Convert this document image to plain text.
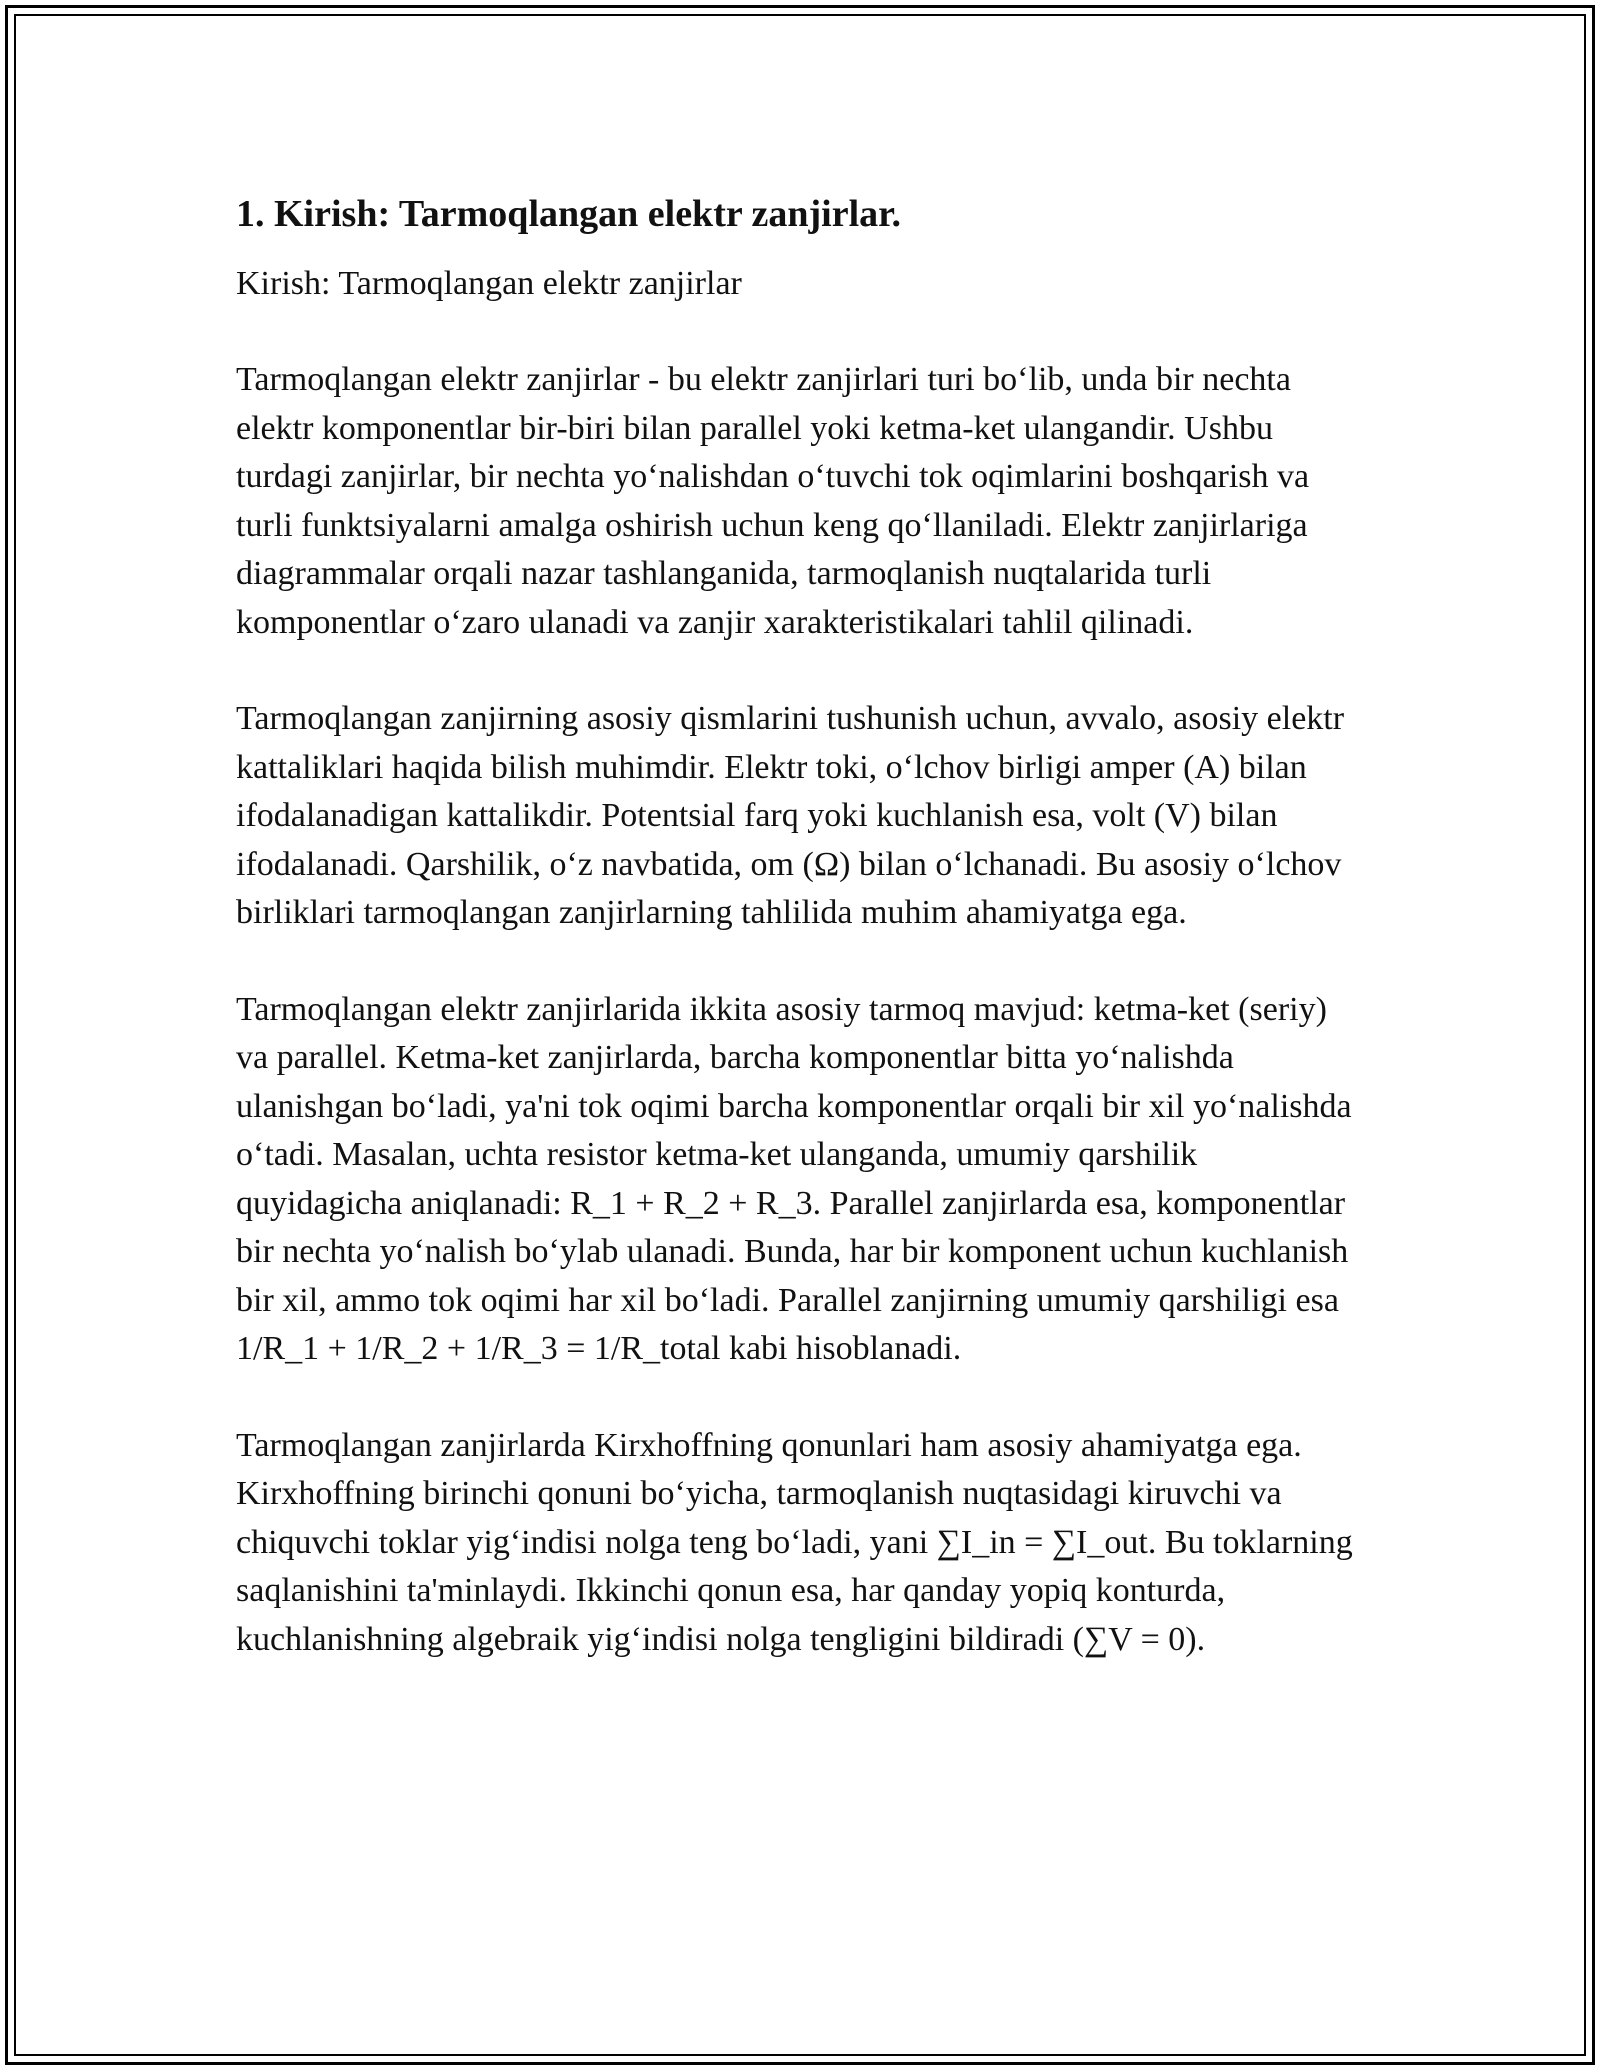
1. Kirish: Tarmoqlangan elektr zanjirlar.

Kirish: Tarmoqlangan elektr zanjirlar

Tarmoqlangan elektr zanjirlar - bu elektr zanjirlari turi bo‘lib, unda bir nechta elektr komponentlar bir-biri bilan parallel yoki ketma-ket ulangandir. Ushbu turdagi zanjirlar, bir nechta yo‘nalishdan o‘tuvchi tok oqimlarini boshqarish va turli funktsiyalarni amalga oshirish uchun keng qo‘llaniladi. Elektr zanjirlariga diagrammalar orqali nazar tashlanganida, tarmoqlanish nuqtalarida turli komponentlar o‘zaro ulanadi va zanjir xarakteristikalari tahlil qilinadi.

Tarmoqlangan zanjirning asosiy qismlarini tushunish uchun, avvalo, asosiy elektr kattaliklari haqida bilish muhimdir. Elektr toki, o‘lchov birligi amper (A) bilan ifodalanadigan kattalikdir. Potentsial farq yoki kuchlanish esa, volt (V) bilan ifodalanadi. Qarshilik, o‘z navbatida, om (Ω) bilan o‘lchanadi. Bu asosiy o‘lchov birliklari tarmoqlangan zanjirlarning tahlilida muhim ahamiyatga ega.

Tarmoqlangan elektr zanjirlarida ikkita asosiy tarmoq mavjud: ketma-ket (seriy) va parallel. Ketma-ket zanjirlarda, barcha komponentlar bitta yo‘nalishda ulanishgan bo‘ladi, ya'ni tok oqimi barcha komponentlar orqali bir xil yo‘nalishda o‘tadi. Masalan, uchta resistor ketma-ket ulanganda, umumiy qarshilik quyidagicha aniqlanadi: R_1 + R_2 + R_3. Parallel zanjirlarda esa, komponentlar bir nechta yo‘nalish bo‘ylab ulanadi. Bunda, har bir komponent uchun kuchlanish bir xil, ammo tok oqimi har xil bo‘ladi. Parallel zanjirning umumiy qarshiligi esa 1/R_1 + 1/R_2 + 1/R_3 = 1/R_total kabi hisoblanadi.

Tarmoqlangan zanjirlarda Kirxhoffning qonunlari ham asosiy ahamiyatga ega. Kirxhoffning birinchi qonuni bo‘yicha, tarmoqlanish nuqtasidagi kiruvchi va chiquvchi toklar yig‘indisi nolga teng bo‘ladi, yani ∑I_in = ∑I_out. Bu toklarning saqlanishini ta'minlaydi. Ikkinchi qonun esa, har qanday yopiq konturda, kuchlanishning algebraik yig‘indisi nolga tengligini bildiradi (∑V = 0).
